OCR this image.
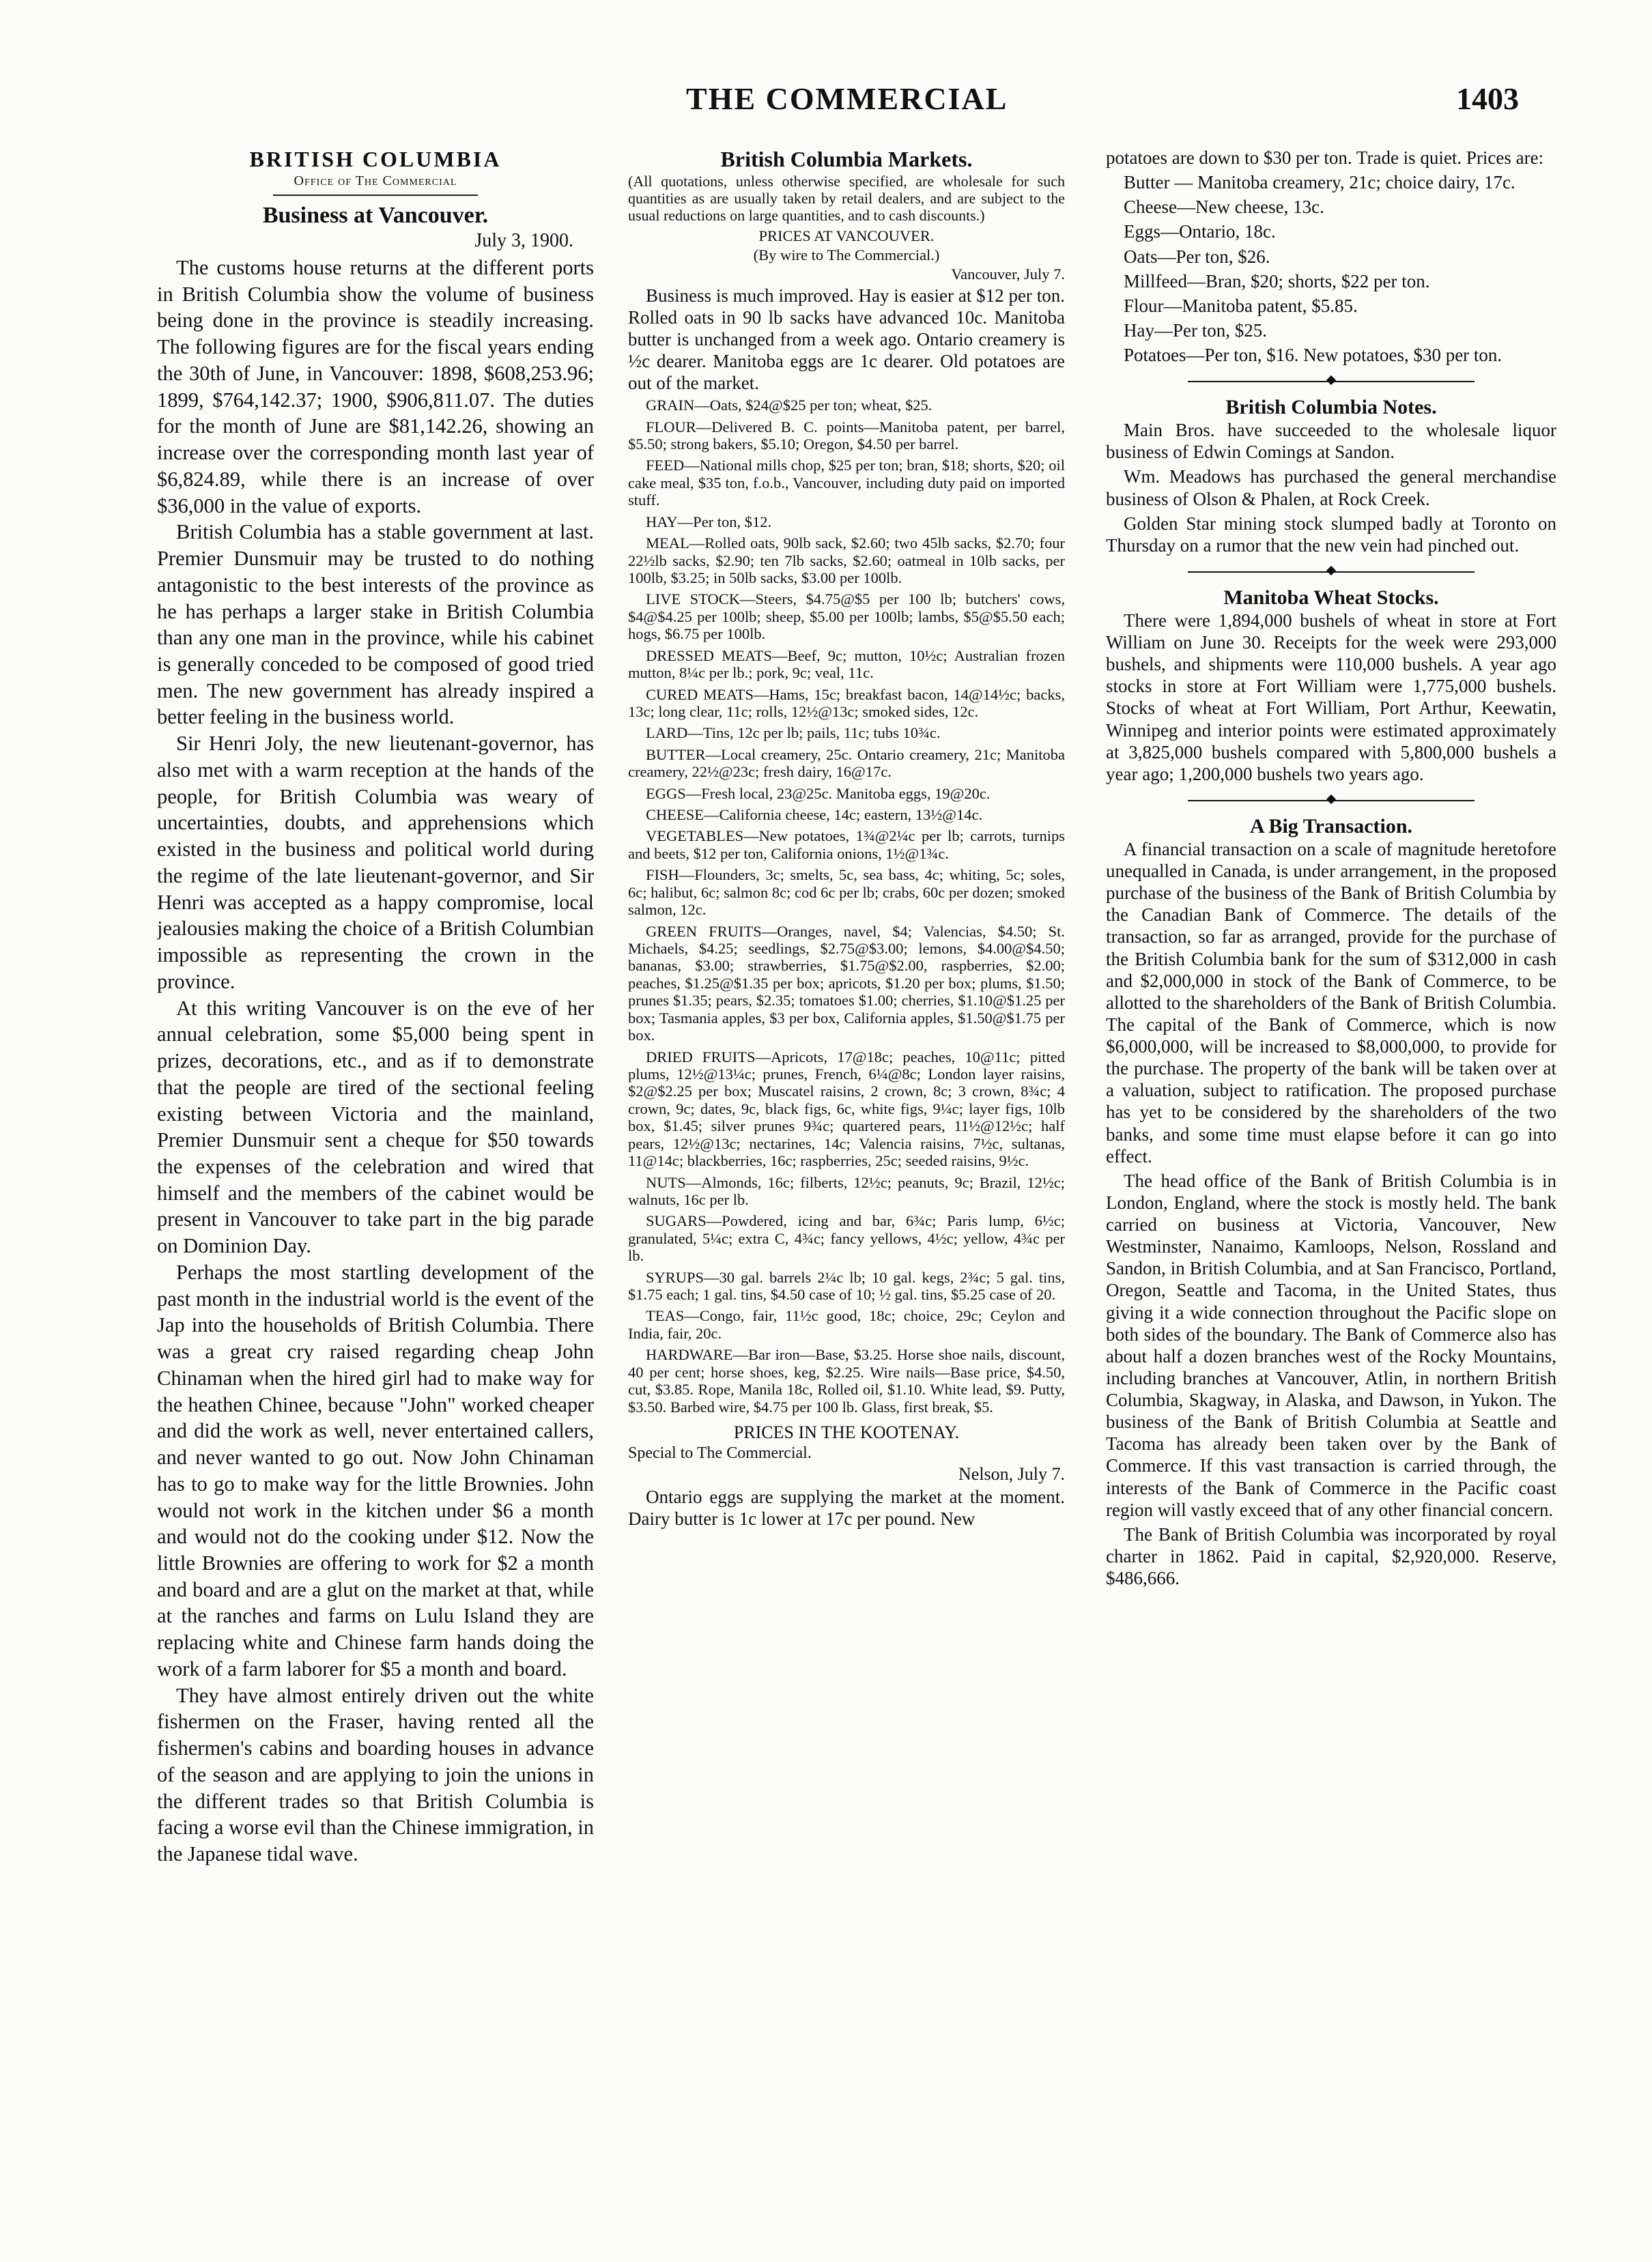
THE COMMERCIAL	1403
BRITISH COLUMBIA
Office of The Commercial
Business at Vancouver.
July 3, 1900.

The customs house returns at the different ports in British Columbia show the volume of business being done in the province is steadily increasing. The following figures are for the fiscal years ending the 30th of June, in Vancouver: 1898, $608,253.96; 1899, $764,142.37; 1900, $906,811.07. The duties for the month of June are $81,142.26, showing an increase over the corresponding month last year of $6,824.89, while there is an increase of over $36,000 in the value of exports.

British Columbia has a stable government at last. Premier Dunsmuir may be trusted to do nothing antagonistic to the best interests of the province as he has perhaps a larger stake in British Columbia than any one man in the province, while his cabinet is generally conceded to be composed of good tried men. The new government has already inspired a better feeling in the business world.

Sir Henri Joly, the new lieutenant-governor, has also met with a warm reception at the hands of the people, for British Columbia was weary of uncertainties, doubts, and apprehensions which existed in the business and political world during the regime of the late lieutenant-governor, and Sir Henri was accepted as a happy compromise, local jealousies making the choice of a British Columbian impossible as representing the crown in the province.

At this writing Vancouver is on the eve of her annual celebration, some $5,000 being spent in prizes, decorations, etc., and as if to demonstrate that the people are tired of the sectional feeling existing between Victoria and the mainland, Premier Dunsmuir sent a cheque for $50 towards the expenses of the celebration and wired that himself and the members of the cabinet would be present in Vancouver to take part in the big parade on Dominion Day.

Perhaps the most startling development of the past month in the industrial world is the event of the Jap into the households of British Columbia. There was a great cry raised regarding cheap John Chinaman when the hired girl had to make way for the heathen Chinee, because "John" worked cheaper and did the work as well, never entertained callers, and never wanted to go out. Now John Chinaman has to go to make way for the little Brownies. John would not work in the kitchen under $6 a month and would not do the cooking under $12. Now the little Brownies are offering to work for $2 a month and board and are a glut on the market at that, while at the ranches and farms on Lulu Island they are replacing white and Chinese farm hands doing the work of a farm laborer for $5 a month and board.

They have almost entirely driven out the white fishermen on the Fraser, having rented all the fishermen's cabins and boarding houses in advance of the season and are applying to join the unions in the different trades so that British Columbia is facing a worse evil than the Chinese immigration, in the Japanese tidal wave.

British Columbia Markets.
(All quotations, unless otherwise specified, are wholesale for such quantities as are usually taken by retail dealers, and are subject to the usual reductions on large quantities, and to cash discounts.)
PRICES AT VANCOUVER.
(By wire to The Commercial.)
Vancouver, July 7.

Business is much improved. Hay is easier at $12 per ton. Rolled oats in 90 lb sacks have advanced 10c. Manitoba butter is unchanged from a week ago. Ontario creamery is ½c dearer. Manitoba eggs are 1c dearer. Old potatoes are out of the market.

GRAIN—Oats, $24@$25 per ton; wheat, $25.

FLOUR—Delivered B. C. points—Manitoba patent, per barrel, $5.50; strong bakers, $5.10; Oregon, $4.50 per barrel.

FEED—National mills chop, $25 per ton; bran, $18; shorts, $20; oil cake meal, $35 ton, f.o.b., Vancouver, including duty paid on imported stuff.

HAY—Per ton, $12.

MEAL—Rolled oats, 90lb sack, $2.60; two 45lb sacks, $2.70; four 22½lb sacks, $2.90; ten 7lb sacks, $2.60; oatmeal in 10lb sacks, per 100lb, $3.25; in 50lb sacks, $3.00 per 100lb.

LIVE STOCK—Steers, $4.75@$5 per 100 lb; butchers' cows, $4@$4.25 per 100lb; sheep, $5.00 per 100lb; lambs, $5@$5.50 each; hogs, $6.75 per 100lb.

DRESSED MEATS—Beef, 9c; mutton, 10½c; Australian frozen mutton, 8¼c per lb.; pork, 9c; veal, 11c.

CURED MEATS—Hams, 15c; breakfast bacon, 14@14½c; backs, 13c; long clear, 11c; rolls, 12½@13c; smoked sides, 12c.

LARD—Tins, 12c per lb; pails, 11c; tubs 10¾c.

BUTTER—Local creamery, 25c. Ontario creamery, 21c; Manitoba creamery, 22½@23c; fresh dairy, 16@17c.

EGGS—Fresh local, 23@25c. Manitoba eggs, 19@20c.

CHEESE—California cheese, 14c; eastern, 13½@14c.

VEGETABLES—New potatoes, 1¾@2¼c per lb; carrots, turnips and beets, $12 per ton, California onions, 1½@1¾c.

FISH—Flounders, 3c; smelts, 5c, sea bass, 4c; whiting, 5c; soles, 6c; halibut, 6c; salmon 8c; cod 6c per lb; crabs, 60c per dozen; smoked salmon, 12c.

GREEN FRUITS—Oranges, navel, $4; Valencias, $4.50; St. Michaels, $4.25; seedlings, $2.75@$3.00; lemons, $4.00@$4.50; bananas, $3.00; strawberries, $1.75@$2.00, raspberries, $2.00; peaches, $1.25@$1.35 per box; apricots, $1.20 per box; plums, $1.50; prunes $1.35; pears, $2.35; tomatoes $1.00; cherries, $1.10@$1.25 per box; Tasmania apples, $3 per box, California apples, $1.50@$1.75 per box.

DRIED FRUITS—Apricots, 17@18c; peaches, 10@11c; pitted plums, 12½@13¼c; prunes, French, 6¼@8c; London layer raisins, $2@$2.25 per box; Muscatel raisins, 2 crown, 8c; 3 crown, 8¾c; 4 crown, 9c; dates, 9c, black figs, 6c, white figs, 9¼c; layer figs, 10lb box, $1.45; silver prunes 9¾c; quartered pears, 11½@12½c; half pears, 12½@13c; nectarines, 14c; Valencia raisins, 7½c, sultanas, 11@14c; blackberries, 16c; raspberries, 25c; seeded raisins, 9½c.

NUTS—Almonds, 16c; filberts, 12½c; peanuts, 9c; Brazil, 12½c; walnuts, 16c per lb.

SUGARS—Powdered, icing and bar, 6¾c; Paris lump, 6½c; granulated, 5¼c; extra C, 4¾c; fancy yellows, 4½c; yellow, 4¾c per lb.

SYRUPS—30 gal. barrels 2¼c lb; 10 gal. kegs, 2¾c; 5 gal. tins, $1.75 each; 1 gal. tins, $4.50 case of 10; ½ gal. tins, $5.25 case of 20.

TEAS—Congo, fair, 11½c good, 18c; choice, 29c; Ceylon and India, fair, 20c.

HARDWARE—Bar iron—Base, $3.25. Horse shoe nails, discount, 40 per cent; horse shoes, keg, $2.25. Wire nails—Base price, $4.50, cut, $3.85. Rope, Manila 18c, Rolled oil, $1.10. White lead, $9. Putty, $3.50. Barbed wire, $4.75 per 100 lb. Glass, first break, $5.

PRICES IN THE KOOTENAY.
Special to The Commercial.
Nelson, July 7.

Ontario eggs are supplying the market at the moment. Dairy butter is 1c lower at 17c per pound. New

potatoes are down to $30 per ton. Trade is quiet. Prices are:

Butter — Manitoba creamery, 21c; choice dairy, 17c.

Cheese—New cheese, 13c.

Eggs—Ontario, 18c.

Oats—Per ton, $26.

Millfeed—Bran, $20; shorts, $22 per ton.

Flour—Manitoba patent, $5.85.

Hay—Per ton, $25.

Potatoes—Per ton, $16. New potatoes, $30 per ton.

British Columbia Notes.

Main Bros. have succeeded to the wholesale liquor business of Edwin Comings at Sandon.

Wm. Meadows has purchased the general merchandise business of Olson & Phalen, at Rock Creek.

Golden Star mining stock slumped badly at Toronto on Thursday on a rumor that the new vein had pinched out.

Manitoba Wheat Stocks.

There were 1,894,000 bushels of wheat in store at Fort William on June 30. Receipts for the week were 293,000 bushels, and shipments were 110,000 bushels. A year ago stocks in store at Fort William were 1,775,000 bushels. Stocks of wheat at Fort William, Port Arthur, Keewatin, Winnipeg and interior points were estimated approximately at 3,825,000 bushels compared with 5,800,000 bushels a year ago; 1,200,000 bushels two years ago.

A Big Transaction.

A financial transaction on a scale of magnitude heretofore unequalled in Canada, is under arrangement, in the proposed purchase of the business of the Bank of British Columbia by the Canadian Bank of Commerce. The details of the transaction, so far as arranged, provide for the purchase of the British Columbia bank for the sum of $312,000 in cash and $2,000,000 in stock of the Bank of Commerce, to be allotted to the shareholders of the Bank of British Columbia. The capital of the Bank of Commerce, which is now $6,000,000, will be increased to $8,000,000, to provide for the purchase. The property of the bank will be taken over at a valuation, subject to ratification. The proposed purchase has yet to be considered by the shareholders of the two banks, and some time must elapse before it can go into effect.

The head office of the Bank of British Columbia is in London, England, where the stock is mostly held. The bank carried on business at Victoria, Vancouver, New Westminster, Nanaimo, Kamloops, Nelson, Rossland and Sandon, in British Columbia, and at San Francisco, Portland, Oregon, Seattle and Tacoma, in the United States, thus giving it a wide connection throughout the Pacific slope on both sides of the boundary. The Bank of Commerce also has about half a dozen branches west of the Rocky Mountains, including branches at Vancouver, Atlin, in northern British Columbia, Skagway, in Alaska, and Dawson, in Yukon. The business of the Bank of British Columbia at Seattle and Tacoma has already been taken over by the Bank of Commerce. If this vast transaction is carried through, the interests of the Bank of Commerce in the Pacific coast region will vastly exceed that of any other financial concern.

The Bank of British Columbia was incorporated by royal charter in 1862. Paid in capital, $2,920,000. Reserve, $486,666.
